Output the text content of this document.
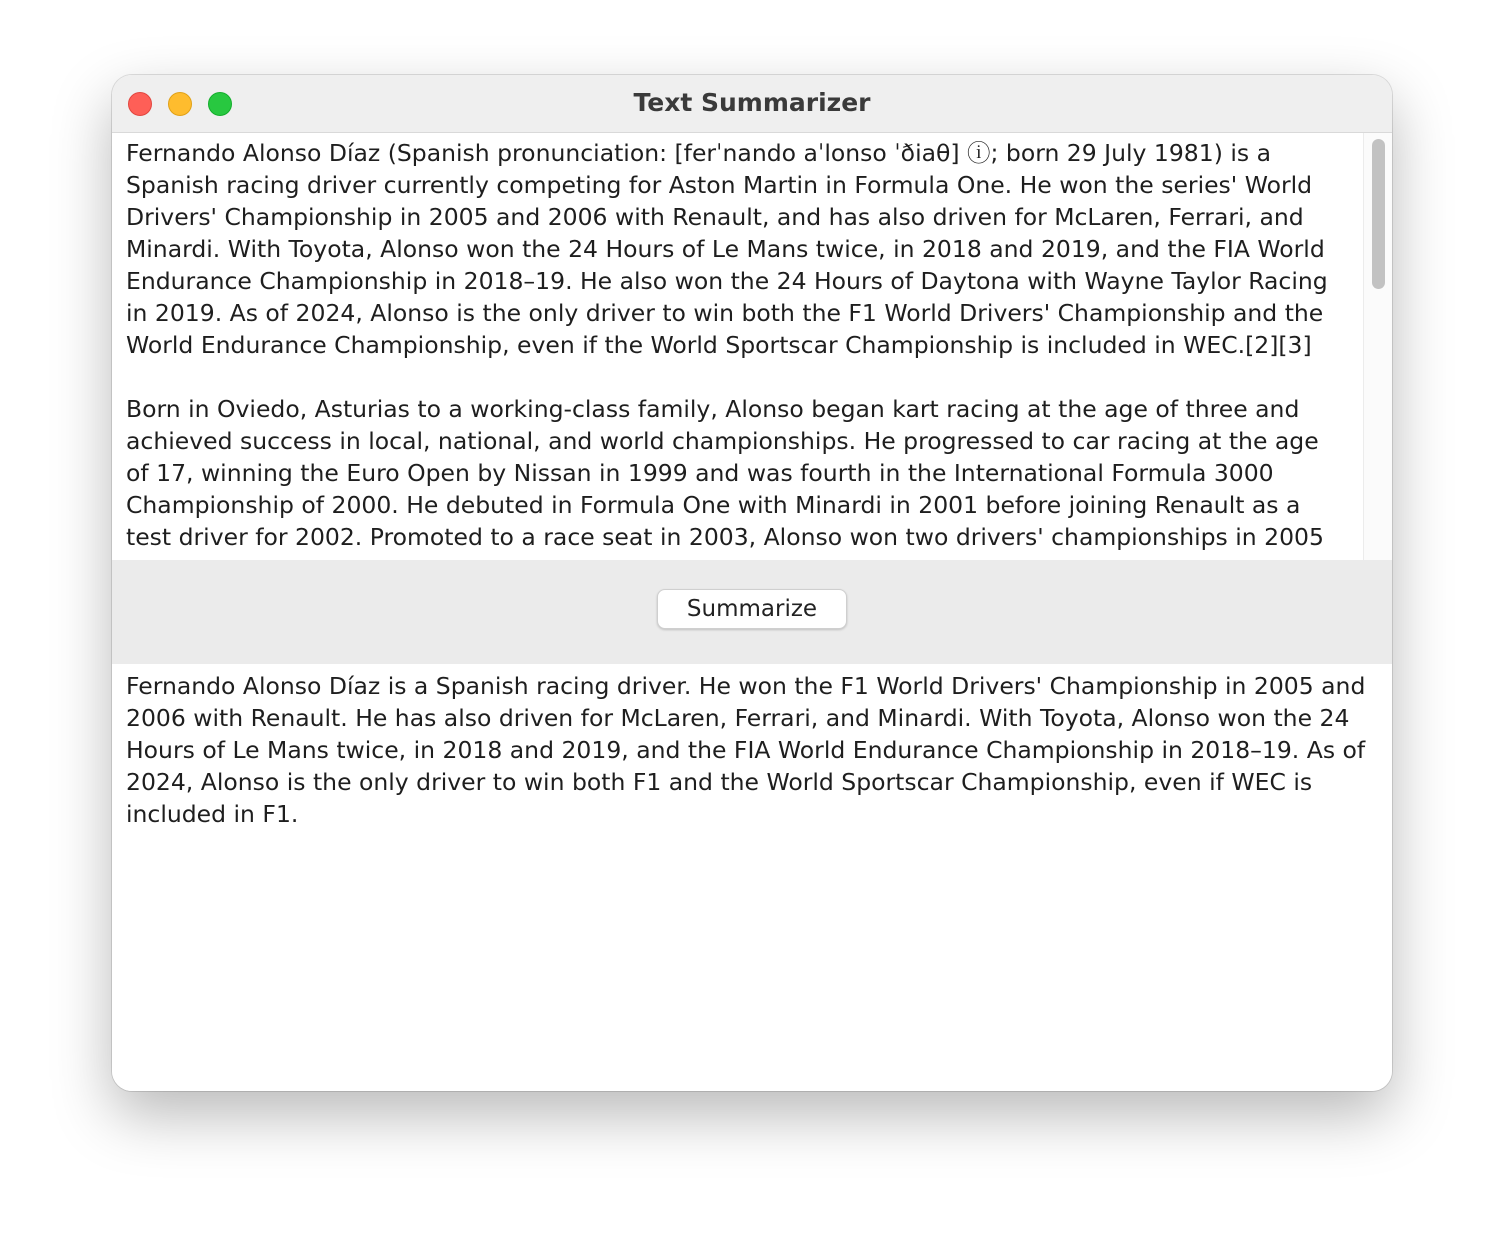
Text Summarizer
Fernando Alonso Díaz (Spanish pronunciation: [ferˈnando aˈlonso ˈðiaθ] ⓘ; born 29 July 1981) is a
Spanish racing driver currently competing for Aston Martin in Formula One. He won the series' World
Drivers' Championship in 2005 and 2006 with Renault, and has also driven for McLaren, Ferrari, and
Minardi. With Toyota, Alonso won the 24 Hours of Le Mans twice, in 2018 and 2019, and the FIA World
Endurance Championship in 2018–19. He also won the 24 Hours of Daytona with Wayne Taylor Racing
in 2019. As of 2024, Alonso is the only driver to win both the F1 World Drivers' Championship and the
World Endurance Championship, even if the World Sportscar Championship is included in WEC.[2][3]

Born in Oviedo, Asturias to a working-class family, Alonso began kart racing at the age of three and
achieved success in local, national, and world championships. He progressed to car racing at the age
of 17, winning the Euro Open by Nissan in 1999 and was fourth in the International Formula 3000
Championship of 2000. He debuted in Formula One with Minardi in 2001 before joining Renault as a
test driver for 2002. Promoted to a race seat in 2003, Alonso won two drivers' championships in 2005
Summarize
Fernando Alonso Díaz is a Spanish racing driver. He won the F1 World Drivers' Championship in 2005 and
2006 with Renault. He has also driven for McLaren, Ferrari, and Minardi. With Toyota, Alonso won the 24
Hours of Le Mans twice, in 2018 and 2019, and the FIA World Endurance Championship in 2018–19. As of
2024, Alonso is the only driver to win both F1 and the World Sportscar Championship, even if WEC is
included in F1.
